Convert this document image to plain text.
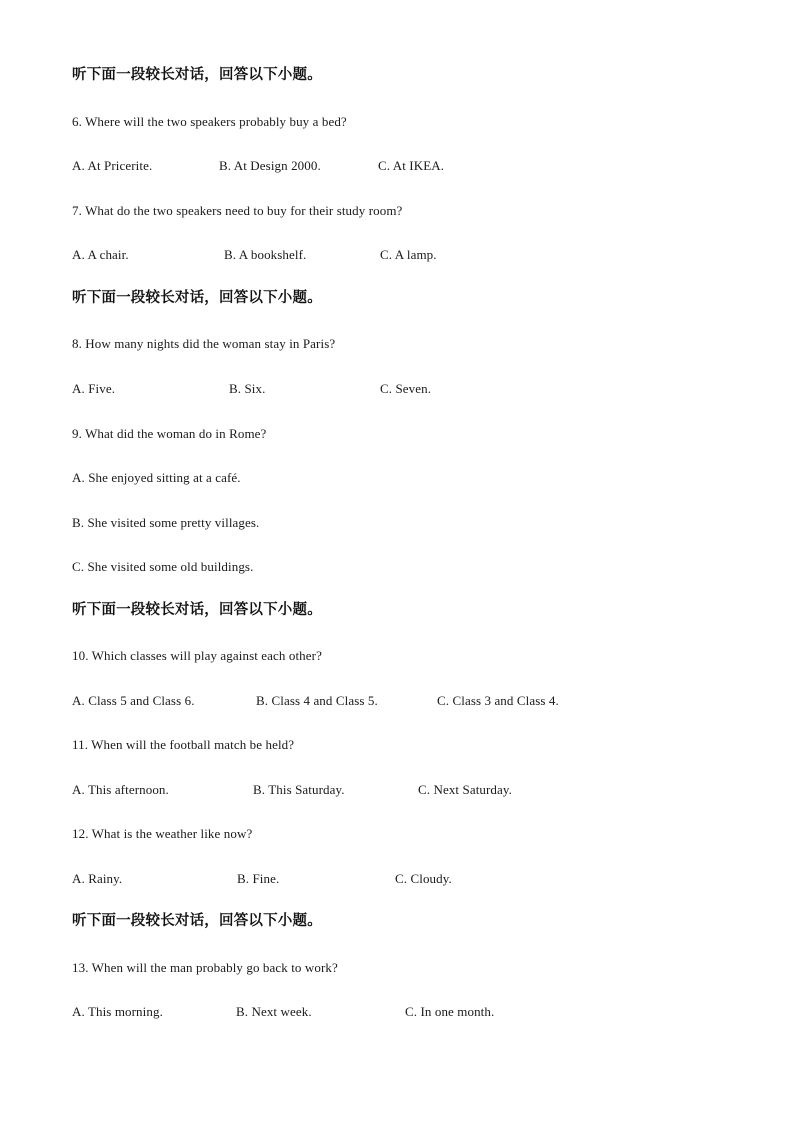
听下面一段较长对话，回答以下小题。
6. Where will the two speakers probably buy a bed?
A. At Pricerite.	B. At Design 2000.	C. At IKEA.
7. What do the two speakers need to buy for their study room?
A. A chair.	B. A bookshelf.	C. A lamp.
听下面一段较长对话，回答以下小题。
8. How many nights did the woman stay in Paris?
A. Five.	B. Six.	C. Seven.
9. What did the woman do in Rome?
A. She enjoyed sitting at a café.
B. She visited some pretty villages.
C. She visited some old buildings.
听下面一段较长对话，回答以下小题。
10. Which classes will play against each other?
A. Class 5 and Class 6.	B. Class 4 and Class 5.	C. Class 3 and Class 4.
11. When will the football match be held?
A. This afternoon.	B. This Saturday.	C. Next Saturday.
12. What is the weather like now?
A. Rainy.	B. Fine.	C. Cloudy.
听下面一段较长对话，回答以下小题。
13. When will the man probably go back to work?
A. This morning.	B. Next week.	C. In one month.
